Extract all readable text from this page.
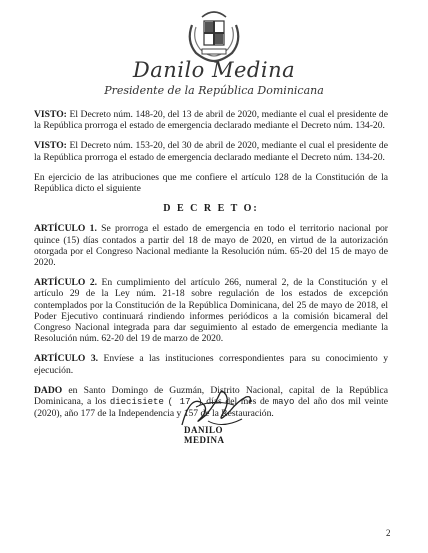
Danilo Medina
Presidente de la República Dominicana

VISTO: El Decreto núm. 148-20, del 13 de abril de 2020, mediante el cual el presidente de la República prorroga el estado de emergencia declarado mediante el Decreto núm. 134-20.

VISTO: El Decreto núm. 153-20, del 30 de abril de 2020, mediante el cual el presidente de la República prorroga el estado de emergencia declarado mediante el Decreto núm. 134-20.

En ejercicio de las atribuciones que me confiere el artículo 128 de la Constitución de la República dicto el siguiente

D E C R E T O:

ARTÍCULO 1. Se prorroga el estado de emergencia en todo el territorio nacional por quince (15) días contados a partir del 18 de mayo de 2020, en virtud de la autorización otorgada por el Congreso Nacional mediante la Resolución núm. 65-20 del 15 de mayo de 2020.

ARTÍCULO 2. En cumplimiento del artículo 266, numeral 2, de la Constitución y el artículo 29 de la Ley núm. 21-18 sobre regulación de los estados de excepción contemplados por la Constitución de la República Dominicana, del 25 de mayo de 2018, el Poder Ejecutivo continuará rindiendo informes periódicos a la comisión bicameral del Congreso Nacional integrada para dar seguimiento al estado de emergencia mediante la Resolución núm. 62-20 del 19 de marzo de 2020.

ARTÍCULO 3. Envíese a las instituciones correspondientes para su conocimiento y ejecución.

DADO en Santo Domingo de Guzmán, Distrito Nacional, capital de la República Dominicana, a los diecisiete ( 17 ) días del mes de mayo del año dos mil veinte (2020), año 177 de la Independencia y 157 de la Restauración.

DANILO MEDINA
2
